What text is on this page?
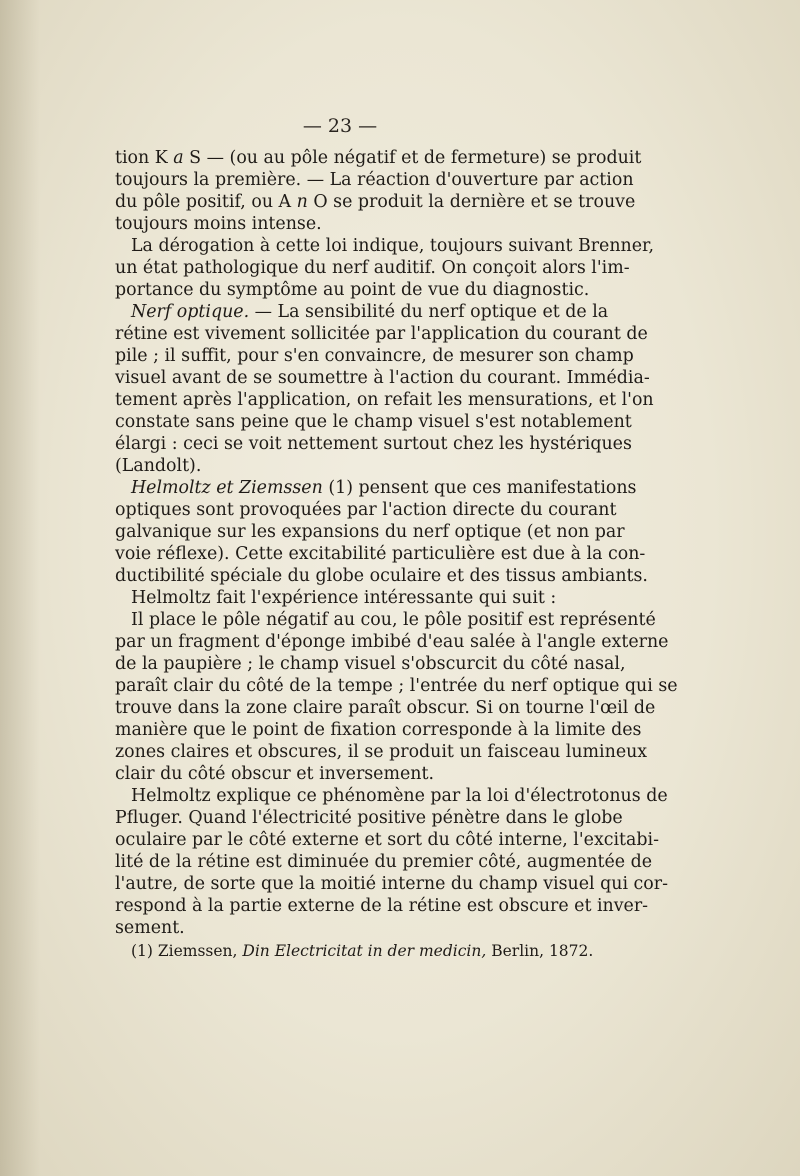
— 23 —
tion K a S — (ou au pôle négatif et de fermeture) se produit
toujours la première. — La réaction d'ouverture par action
du pôle positif, ou A n O se produit la dernière et se trouve
toujours moins intense.
La dérogation à cette loi indique, toujours suivant Brenner,
un état pathologique du nerf auditif. On conçoit alors l'im-
portance du symptôme au point de vue du diagnostic.
Nerf optique. — La sensibilité du nerf optique et de la
rétine est vivement sollicitée par l'application du courant de
pile ; il suffit, pour s'en convaincre, de mesurer son champ
visuel avant de se soumettre à l'action du courant. Immédia-
tement après l'application, on refait les mensurations, et l'on
constate sans peine que le champ visuel s'est notablement
élargi : ceci se voit nettement surtout chez les hystériques
(Landolt).
Helmoltz et Ziemssen (1) pensent que ces manifestations
optiques sont provoquées par l'action directe du courant
galvanique sur les expansions du nerf optique (et non par
voie réflexe). Cette excitabilité particulière est due à la con-
ductibilité spéciale du globe oculaire et des tissus ambiants.
Helmoltz fait l'expérience intéressante qui suit :
Il place le pôle négatif au cou, le pôle positif est représenté
par un fragment d'éponge imbibé d'eau salée à l'angle externe
de la paupière ; le champ visuel s'obscurcit du côté nasal,
paraît clair du côté de la tempe ; l'entrée du nerf optique qui se
trouve dans la zone claire paraît obscur. Si on tourne l'œil de
manière que le point de fixation corresponde à la limite des
zones claires et obscures, il se produit un faisceau lumineux
clair du côté obscur et inversement.
Helmoltz explique ce phénomène par la loi d'électrotonus de
Pfluger. Quand l'électricité positive pénètre dans le globe
oculaire par le côté externe et sort du côté interne, l'excitabi-
lité de la rétine est diminuée du premier côté, augmentée de
l'autre, de sorte que la moitié interne du champ visuel qui cor-
respond à la partie externe de la rétine est obscure et inver-
sement.
(1) Ziemssen, Din Electricitat in der medicin, Berlin, 1872.
